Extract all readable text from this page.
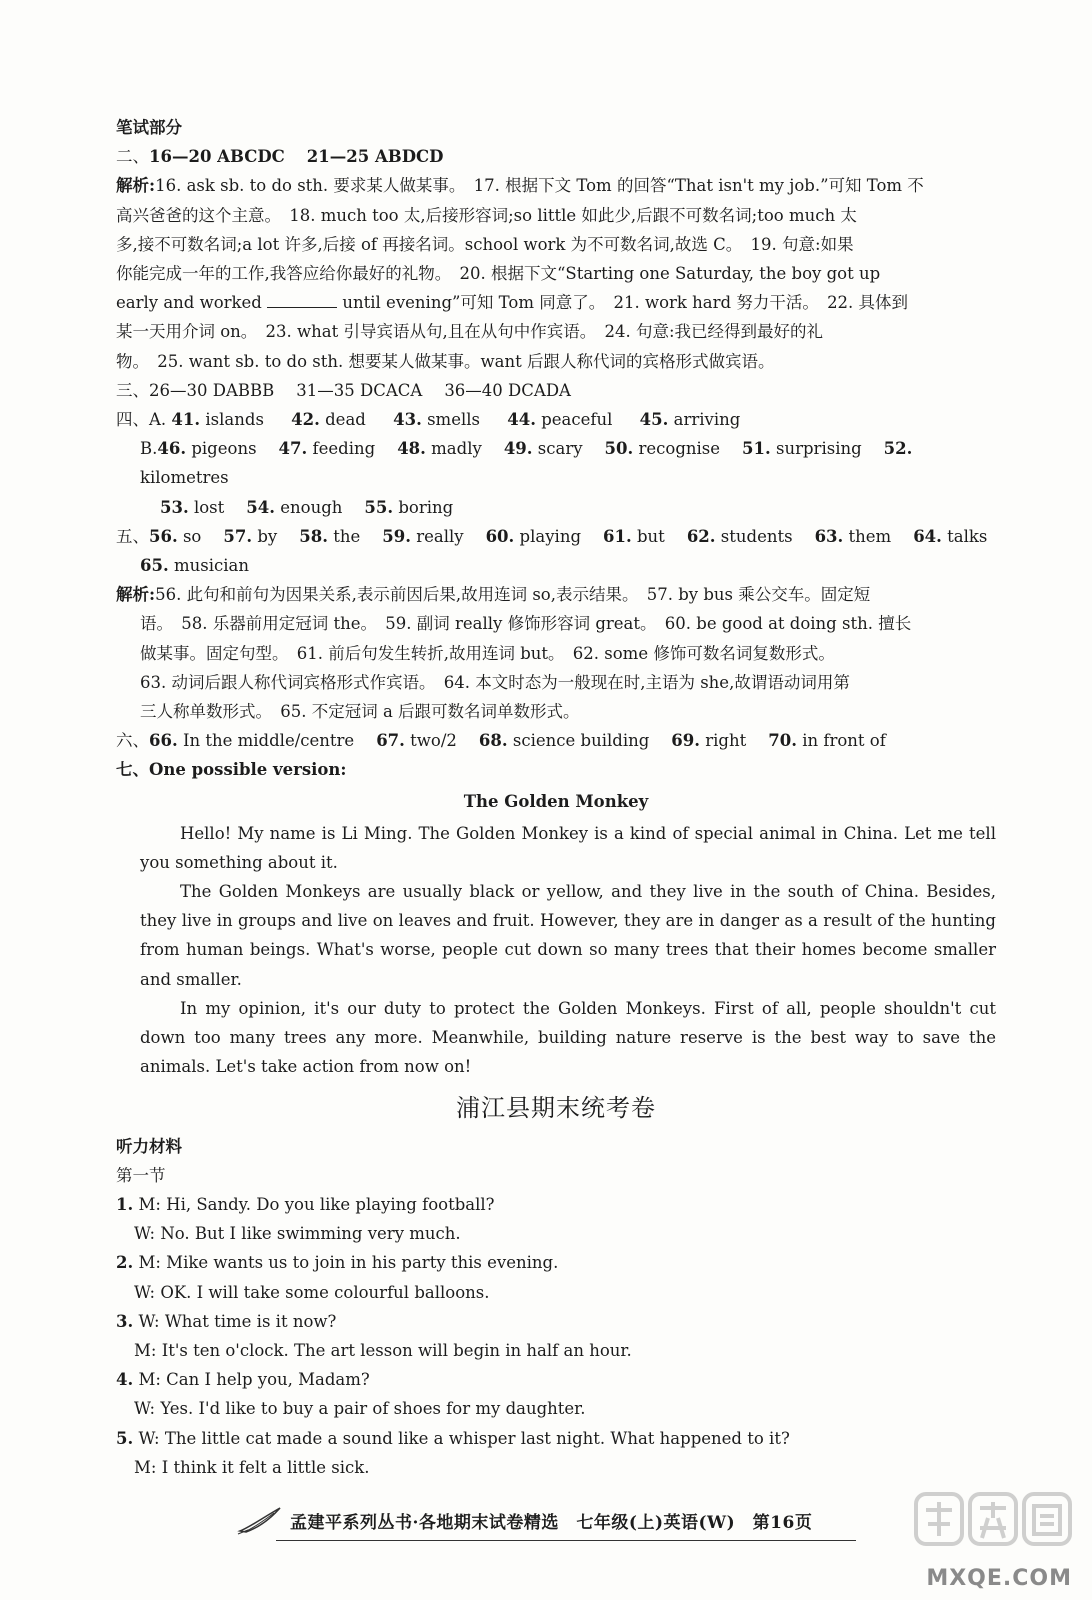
笔试部分

二、16—20 ABCDC 21—25 ABDCD

解析:16. ask sb. to do sth. 要求某人做某事。　17. 根据下文 Tom 的回答“That isn't my job.”可知 Tom 不

高兴爸爸的这个主意。　18. much too 太,后接形容词;so little 如此少,后跟不可数名词;too much 太

多,接不可数名词;a lot 许多,后接 of 再接名词。school work 为不可数名词,故选 C。　19. 句意:如果

你能完成一年的工作,我答应给你最好的礼物。　20. 根据下文“Starting one Saturday, the boy got up

early and worked	until evening”可知 Tom 同意了。　21. work hard 努力干活。　22. 具体到

某一天用介词 on。　23. what 引导宾语从句,且在从句中作宾语。　24. 句意:我已经得到最好的礼

物。　25. want sb. to do sth. 想要某人做某事。want 后跟人称代词的宾格形式做宾语。

三、26—30 DABBB 31—35 DCACA 36—40 DCADA

四、A. 41. islands 42. dead 43. smells 44. peaceful 45. arriving

B.46. pigeons 47. feeding 48. madly 49. scary 50. recognise 51. surprising 52. kilometres

53. lost 54. enough 55. boring

五、56. so 57. by 58. the 59. really 60. playing 61. but 62. students 63. them 64. talks

65. musician

解析:56. 此句和前句为因果关系,表示前因后果,故用连词 so,表示结果。　57. by bus 乘公交车。固定短

语。　58. 乐器前用定冠词 the。　59. 副词 really 修饰形容词 great。　60. be good at doing sth. 擅长

做某事。固定句型。　61. 前后句发生转折,故用连词 but。　62. some 修饰可数名词复数形式。

63. 动词后跟人称代词宾格形式作宾语。　64. 本文时态为一般现在时,主语为 she,故谓语动词用第

三人称单数形式。　65. 不定冠词 a 后跟可数名词单数形式。

六、66. In the middle/centre 67. two/2 68. science building 69. right 70. in front of

七、One possible version:

The Golden Monkey

Hello! My name is Li Ming. The Golden Monkey is a kind of special animal in China. Let me tell you something about it.

The Golden Monkeys are usually black or yellow, and they live in the south of China. Besides, they live in groups and live on leaves and fruit. However, they are in danger as a result of the hunting from human beings. What's worse, people cut down so many trees that their homes become smaller and smaller.

In my opinion, it's our duty to protect the Golden Monkeys. First of all, people shouldn't cut down too many trees any more. Meanwhile, building nature reserve is the best way to save the animals. Let's take action from now on!

浦江县期末统考卷

听力材料

第一节

1. M: Hi, Sandy. Do you like playing football?

W: No. But I like swimming very much.

2. M: Mike wants us to join in his party this evening.

W: OK. I will take some colourful balloons.

3. W: What time is it now?

M: It's ten o'clock. The art lesson will begin in half an hour.

4. M: Can I help you, Madam?

W: Yes. I'd like to buy a pair of shoes for my daughter.

5. W: The little cat made a sound like a whisper last night. What happened to it?

M: I think it felt a little sick.

孟建平系列丛书·各地期末试卷精选　七年级(上)英语(W)　第16页
MXQE.COM
